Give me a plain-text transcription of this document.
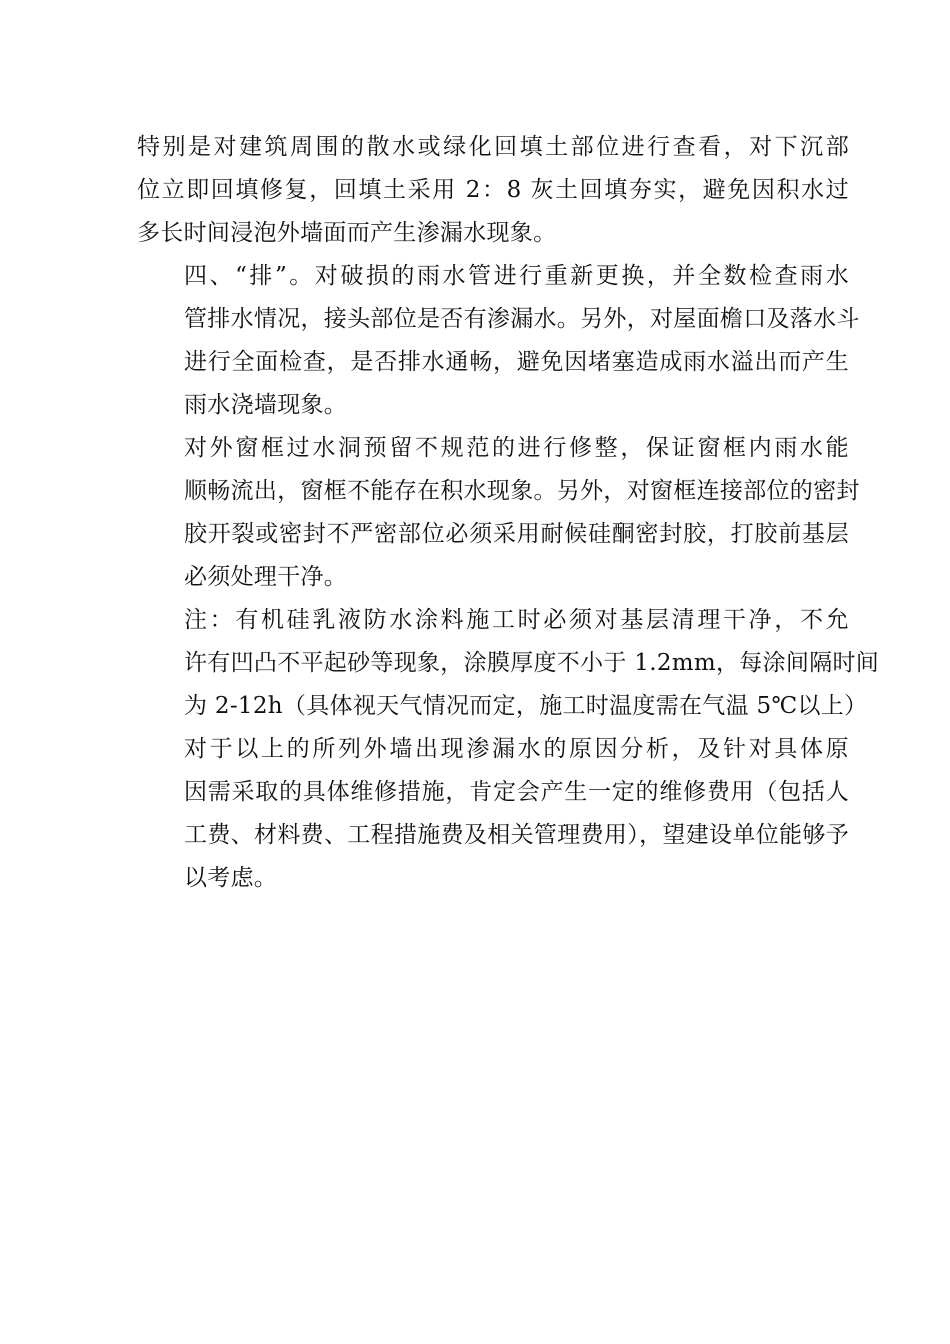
特别是对建筑周围的散水或绿化回填土部位进行查看，对下沉部
位立即回填修复，回填土采用 2：8 灰土回填夯实，避免因积水过
多长时间浸泡外墙面而产生渗漏水现象。

四、“排”。对破损的雨水管进行重新更换，并全数检查雨水
管排水情况，接头部位是否有渗漏水。另外，对屋面檐口及落水斗
进行全面检查，是否排水通畅，避免因堵塞造成雨水溢出而产生
雨水浇墙现象。

对外窗框过水洞预留不规范的进行修整，保证窗框内雨水能
顺畅流出，窗框不能存在积水现象。另外，对窗框连接部位的密封
胶开裂或密封不严密部位必须采用耐候硅酮密封胶，打胶前基层
必须处理干净。

注：有机硅乳液防水涂料施工时必须对基层清理干净，不允
许有凹凸不平起砂等现象，涂膜厚度不小于 1.2mm，每涂间隔时间
为 2-12h（具体视天气情况而定，施工时温度需在气温 5℃以上）

对于以上的所列外墙出现渗漏水的原因分析，及针对具体原
因需采取的具体维修措施，肯定会产生一定的维修费用（包括人
工费、材料费、工程措施费及相关管理费用），望建设单位能够予
以考虑。
